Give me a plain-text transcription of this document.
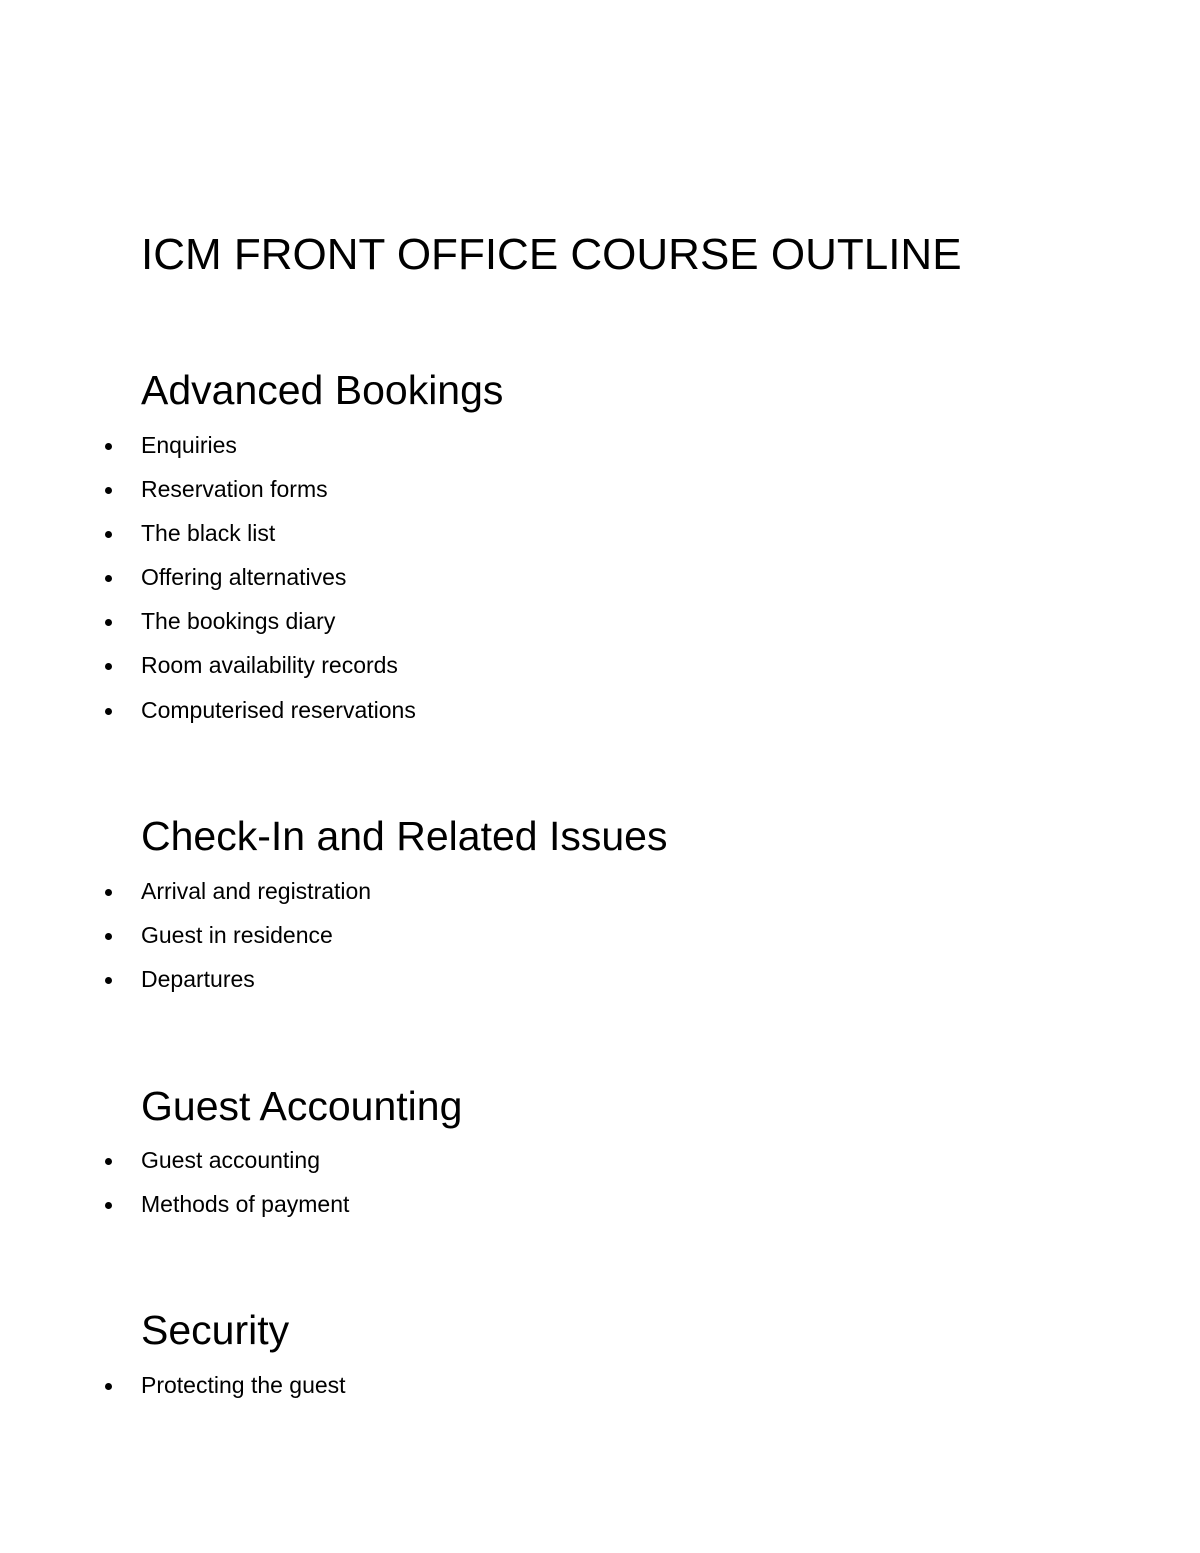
ICM FRONT OFFICE COURSE OUTLINE
Advanced Bookings
Enquiries
Reservation forms
The black list
Offering alternatives
The bookings diary
Room availability records
Computerised reservations
Check-In and Related Issues
Arrival and registration
Guest in residence
Departures
Guest Accounting
Guest accounting
Methods of payment
Security
Protecting the guest
